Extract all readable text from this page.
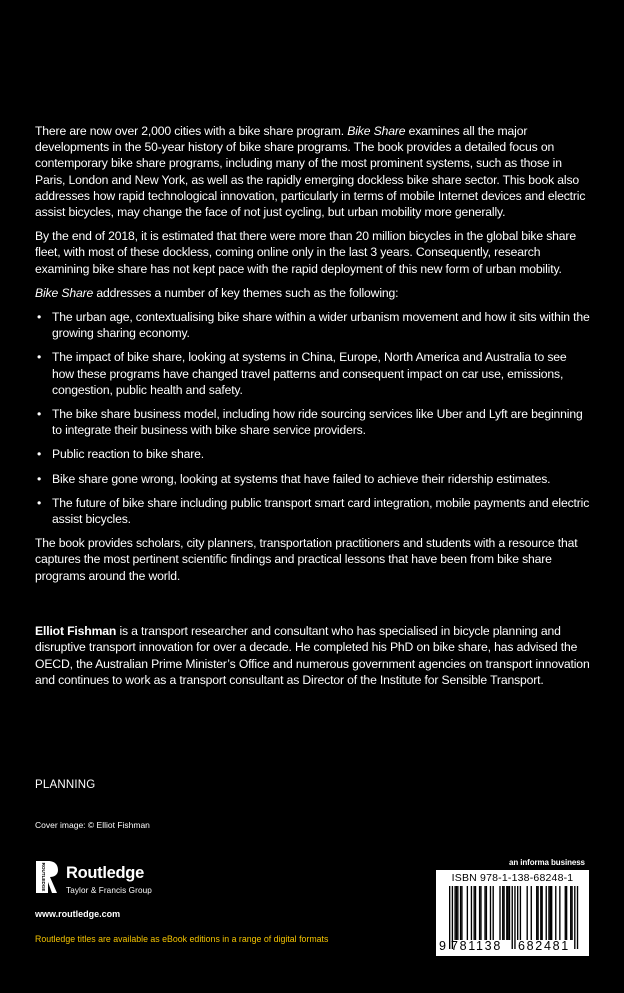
There are now over 2,000 cities with a bike share program. Bike Share examines all the major developments in the 50-year history of bike share programs. The book provides a detailed focus on contemporary bike share programs, including many of the most prominent systems, such as those in Paris, London and New York, as well as the rapidly emerging dockless bike share sector. This book also addresses how rapid technological innovation, particularly in terms of mobile Internet devices and electric assist bicycles, may change the face of not just cycling, but urban mobility more generally.

By the end of 2018, it is estimated that there were more than 20 million bicycles in the global bike share fleet, with most of these dockless, coming online only in the last 3 years. Consequently, research examining bike share has not kept pace with the rapid deployment of this new form of urban mobility.

Bike Share addresses a number of key themes such as the following:

• The urban age, contextualising bike share within a wider urbanism movement and how it sits within the growing sharing economy.
• The impact of bike share, looking at systems in China, Europe, North America and Australia to see how these programs have changed travel patterns and consequent impact on car use, emissions, congestion, public health and safety.
• The bike share business model, including how ride sourcing services like Uber and Lyft are beginning to integrate their business with bike share service providers.
• Public reaction to bike share.
• Bike share gone wrong, looking at systems that have failed to achieve their ridership estimates.
• The future of bike share including public transport smart card integration, mobile payments and electric assist bicycles.

The book provides scholars, city planners, transportation practitioners and students with a resource that captures the most pertinent scientific findings and practical lessons that have been from bike share programs around the world.

Elliot Fishman is a transport researcher and consultant who has specialised in bicycle planning and disruptive transport innovation for over a decade. He completed his PhD on bike share, has advised the OECD, the Australian Prime Minister’s Office and numerous government agencies on transport innovation and continues to work as a transport consultant as Director of the Institute for Sensible Transport.

PLANNING
Cover image: © Elliot Fishman
ROUTLEDGE Routledge
Taylor & Francis Group
www.routledge.com
Routledge titles are available as eBook editions in a range of digital formats
an informa business
ISBN 978-1-138-68248-1
9 781138 682481
